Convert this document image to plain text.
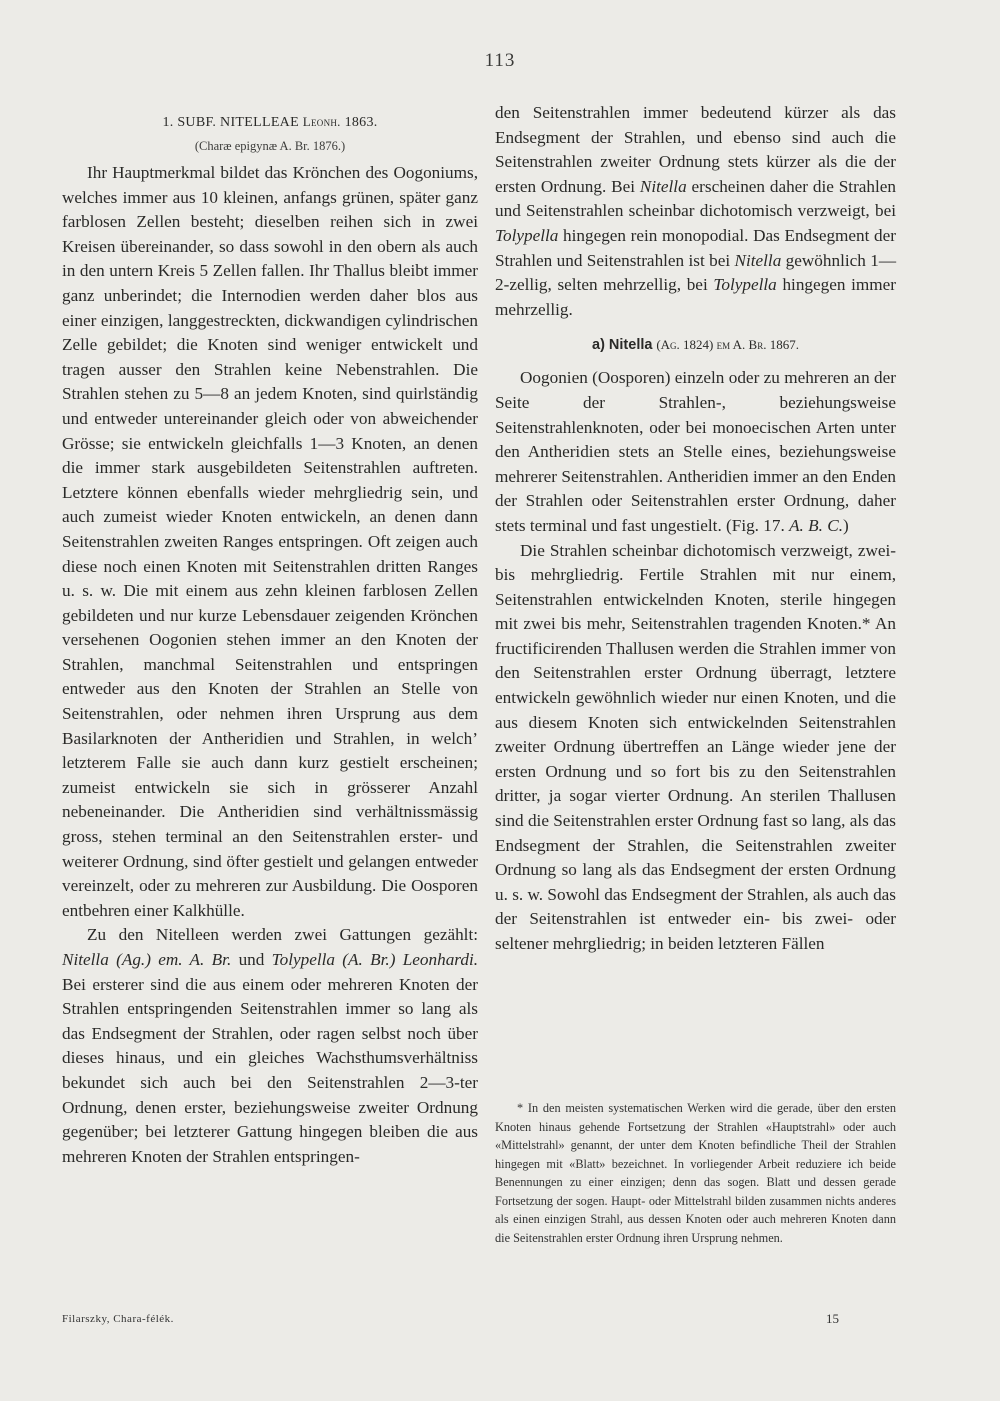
113

1. SUBF. NITELLEAE Leonh. 1863.

(Charæ epigynæ A. Br. 1876.)

Ihr Hauptmerkmal bildet das Krönchen des Oogoniums, welches immer aus 10 kleinen, anfangs grünen, später ganz farblosen Zellen besteht; dieselben reihen sich in zwei Kreisen übereinander, so dass sowohl in den obern als auch in den untern Kreis 5 Zellen fallen. Ihr Thallus bleibt immer ganz unberindet; die Internodien werden daher blos aus einer einzigen, langgestreckten, dickwandigen cylindrischen Zelle gebildet; die Knoten sind weniger entwickelt und tragen ausser den Strahlen keine Nebenstrahlen. Die Strahlen stehen zu 5—8 an jedem Knoten, sind quirlständig und entweder untereinander gleich oder von abweichender Grösse; sie entwickeln gleichfalls 1—3 Knoten, an denen die immer stark ausgebildeten Seitenstrahlen auftreten. Letztere können ebenfalls wieder mehrgliedrig sein, und auch zumeist wieder Knoten entwickeln, an denen dann Seitenstrahlen zweiten Ranges entspringen. Oft zeigen auch diese noch einen Knoten mit Seitenstrahlen dritten Ranges u. s. w. Die mit einem aus zehn kleinen farblosen Zellen gebildeten und nur kurze Lebensdauer zeigenden Krönchen versehenen Oogonien stehen immer an den Knoten der Strahlen, manchmal Seitenstrahlen und entspringen entweder aus den Knoten der Strahlen an Stelle von Seitenstrahlen, oder nehmen ihren Ursprung aus dem Basilarknoten der Antheridien und Strahlen, in welch’ letzterem Falle sie auch dann kurz gestielt erscheinen; zumeist entwickeln sie sich in grösserer Anzahl nebeneinander. Die Antheridien sind verhältnissmässig gross, stehen terminal an den Seitenstrahlen erster- und weiterer Ordnung, sind öfter gestielt und gelangen entweder vereinzelt, oder zu mehreren zur Ausbildung. Die Oosporen entbehren einer Kalkhülle.

Zu den Nitelleen werden zwei Gattungen gezählt: Nitella (Ag.) em. A. Br. und Tolypella (A. Br.) Leonhardi. Bei ersterer sind die aus einem oder mehreren Knoten der Strahlen entspringenden Seitenstrahlen immer so lang als das Endsegment der Strahlen, oder ragen selbst noch über dieses hinaus, und ein gleiches Wachsthumsverhältniss bekundet sich auch bei den Seitenstrahlen 2—3-ter Ordnung, denen erster, beziehungsweise zweiter Ordnung gegenüber; bei letzterer Gattung hingegen bleiben die aus mehreren Knoten der Strahlen entspringen-

den Seitenstrahlen immer bedeutend kürzer als das Endsegment der Strahlen, und ebenso sind auch die Seitenstrahlen zweiter Ordnung stets kürzer als die der ersten Ordnung. Bei Nitella erscheinen daher die Strahlen und Seitenstrahlen scheinbar dichotomisch verzweigt, bei Tolypella hingegen rein monopodial. Das Endsegment der Strahlen und Seitenstrahlen ist bei Nitella gewöhnlich 1—2-zellig, selten mehrzellig, bei Tolypella hingegen immer mehrzellig.

a) Nitella (Ag. 1824) em A. Br. 1867.

Oogonien (Oosporen) einzeln oder zu mehreren an der Seite der Strahlen-, beziehungsweise Seitenstrahlenknoten, oder bei monoecischen Arten unter den Antheridien stets an Stelle eines, beziehungsweise mehrerer Seitenstrahlen. Antheridien immer an den Enden der Strahlen oder Seitenstrahlen erster Ordnung, daher stets terminal und fast ungestielt. (Fig. 17. A. B. C.)

Die Strahlen scheinbar dichotomisch verzweigt, zwei- bis mehrgliedrig. Fertile Strahlen mit nur einem, Seitenstrahlen entwickelnden Knoten, sterile hingegen mit zwei bis mehr, Seitenstrahlen tragenden Knoten.* An fructificirenden Thallusen werden die Strahlen immer von den Seitenstrahlen erster Ordnung überragt, letztere entwickeln gewöhnlich wieder nur einen Knoten, und die aus diesem Knoten sich entwickelnden Seitenstrahlen zweiter Ordnung übertreffen an Länge wieder jene der ersten Ordnung und so fort bis zu den Seitenstrahlen dritter, ja sogar vierter Ordnung. An sterilen Thallusen sind die Seitenstrahlen erster Ordnung fast so lang, als das Endsegment der Strahlen, die Seitenstrahlen zweiter Ordnung so lang als das Endsegment der ersten Ordnung u. s. w. Sowohl das Endsegment der Strahlen, als auch das der Seitenstrahlen ist entweder ein- bis zwei- oder seltener mehrgliedrig; in beiden letzteren Fällen

* In den meisten systematischen Werken wird die gerade, über den ersten Knoten hinaus gehende Fortsetzung der Strahlen «Hauptstrahl» oder auch «Mittelstrahl» genannt, der unter dem Knoten befindliche Theil der Strahlen hingegen mit «Blatt» bezeichnet. In vorliegender Arbeit reduziere ich beide Benennungen zu einer einzigen; denn das sogen. Blatt und dessen gerade Fortsetzung der sogen. Haupt- oder Mittelstrahl bilden zusammen nichts anderes als einen einzigen Strahl, aus dessen Knoten oder auch mehreren Knoten dann die Seitenstrahlen erster Ordnung ihren Ursprung nehmen.
Filarszky, Chara-félék.	15
